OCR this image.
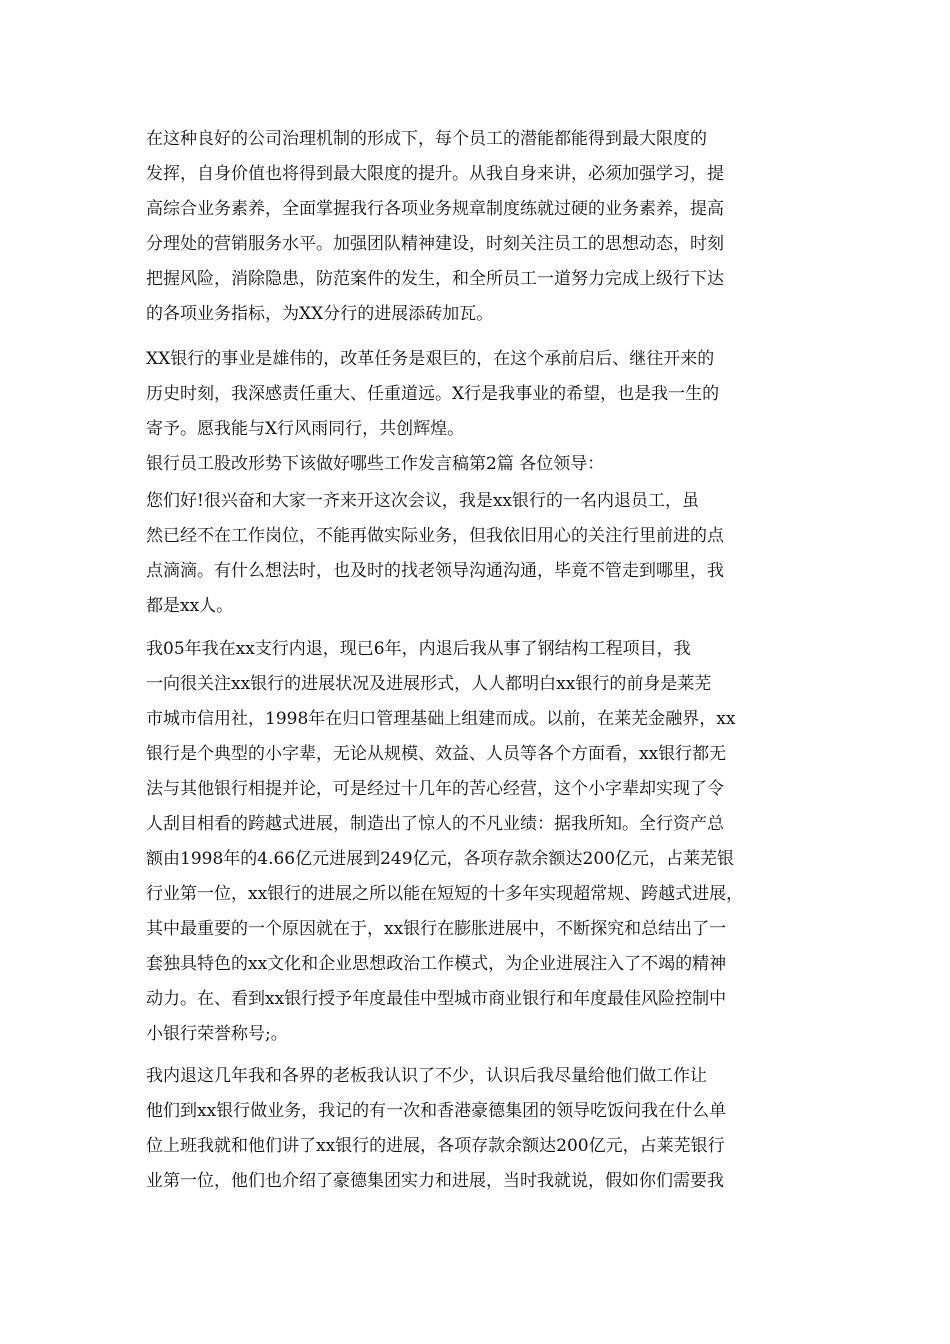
在这种良好的公司治理机制的形成下，每个员工的潜能都能得到最大限度的
发挥，自身价值也将得到最大限度的提升。从我自身来讲，必须加强学习，提
高综合业务素养，全面掌握我行各项业务规章制度练就过硬的业务素养，提高
分理处的营销服务水平。加强团队精神建设，时刻关注员工的思想动态，时刻
把握风险，消除隐患，防范案件的发生，和全所员工一道努力完成上级行下达
的各项业务指标，为XX分行的进展添砖加瓦。
XX银行的事业是雄伟的，改革任务是艰巨的，在这个承前启后、继往开来的
历史时刻，我深感责任重大、任重道远。X行是我事业的希望，也是我一生的
寄予。愿我能与X行风雨同行，共创辉煌。
银行员工股改形势下该做好哪些工作发言稿第2篇 各位领导：
您们好!很兴奋和大家一齐来开这次会议，我是xx银行的一名内退员工，虽
然已经不在工作岗位，不能再做实际业务，但我依旧用心的关注行里前进的点
点滴滴。有什么想法时，也及时的找老领导沟通沟通，毕竟不管走到哪里，我
都是xx人。
我05年我在xx支行内退，现已6年，内退后我从事了钢结构工程项目，我
一向很关注xx银行的进展状况及进展形式，人人都明白xx银行的前身是莱芜
市城市信用社，1998年在归口管理基础上组建而成。以前，在莱芜金融界，xx
银行是个典型的小字辈，无论从规模、效益、人员等各个方面看，xx银行都无
法与其他银行相提并论，可是经过十几年的苦心经营，这个小字辈却实现了令
人刮目相看的跨越式进展，制造出了惊人的不凡业绩：据我所知。全行资产总
额由1998年的4.66亿元进展到249亿元，各项存款余额达200亿元，占莱芜银
行业第一位，xx银行的进展之所以能在短短的十多年实现超常规、跨越式进展，
其中最重要的一个原因就在于，xx银行在膨胀进展中，不断探究和总结出了一
套独具特色的xx文化和企业思想政治工作模式，为企业进展注入了不竭的精神
动力。在、看到xx银行授予年度最佳中型城市商业银行和年度最佳风险控制中
小银行荣誉称号;。
我内退这几年我和各界的老板我认识了不少，认识后我尽量给他们做工作让
他们到xx银行做业务，我记的有一次和香港豪德集团的领导吃饭问我在什么单
位上班我就和他们讲了xx银行的进展，各项存款余额达200亿元，占莱芜银行
业第一位，他们也介绍了豪德集团实力和进展，当时我就说，假如你们需要我
